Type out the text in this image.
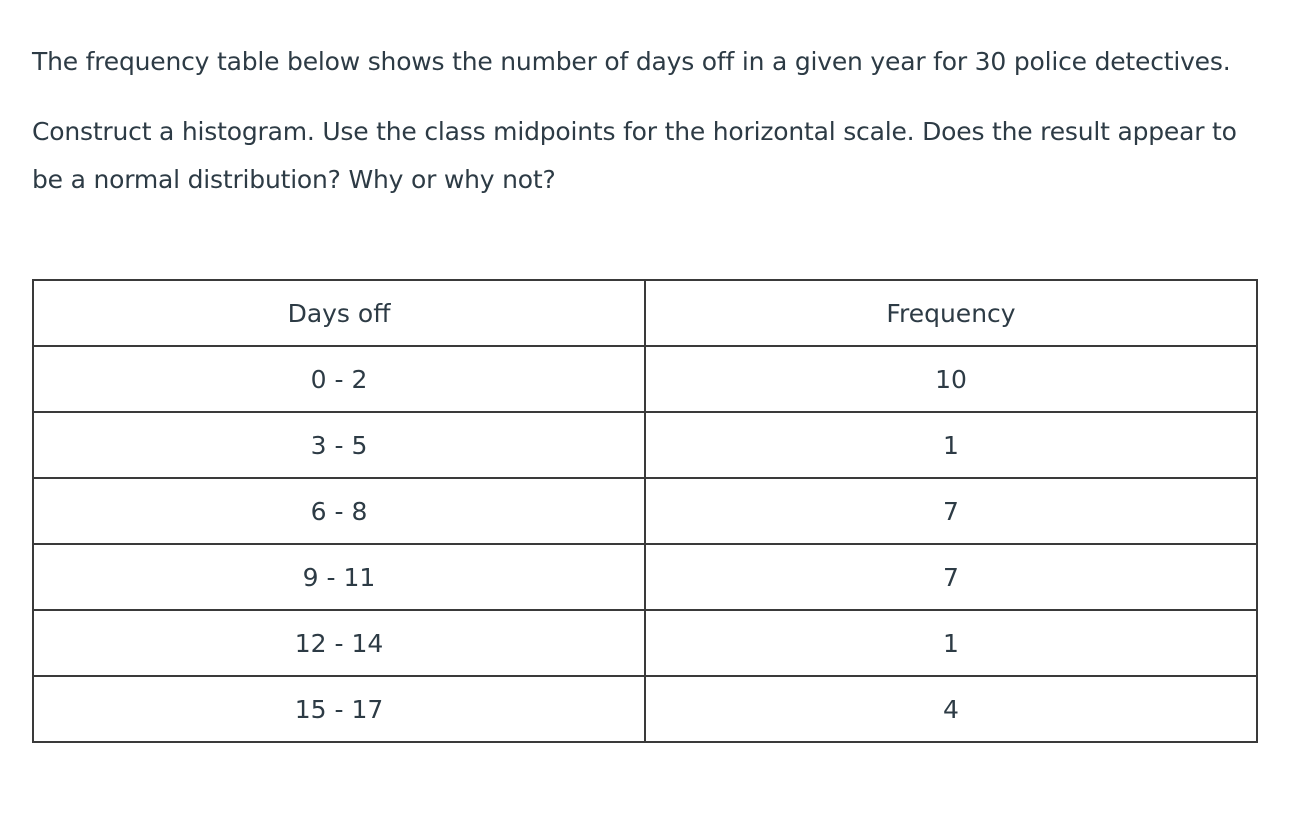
The frequency table below shows the number of days off in a given year for 30 police detectives.

Construct a histogram. Use the class midpoints for the horizontal scale. Does the result appear to be a normal distribution? Why or why not?

Days off	Frequency
0 - 2	10
3 - 5	1
6 - 8	7
9 - 11	7
12 - 14	1
15 - 17	4
